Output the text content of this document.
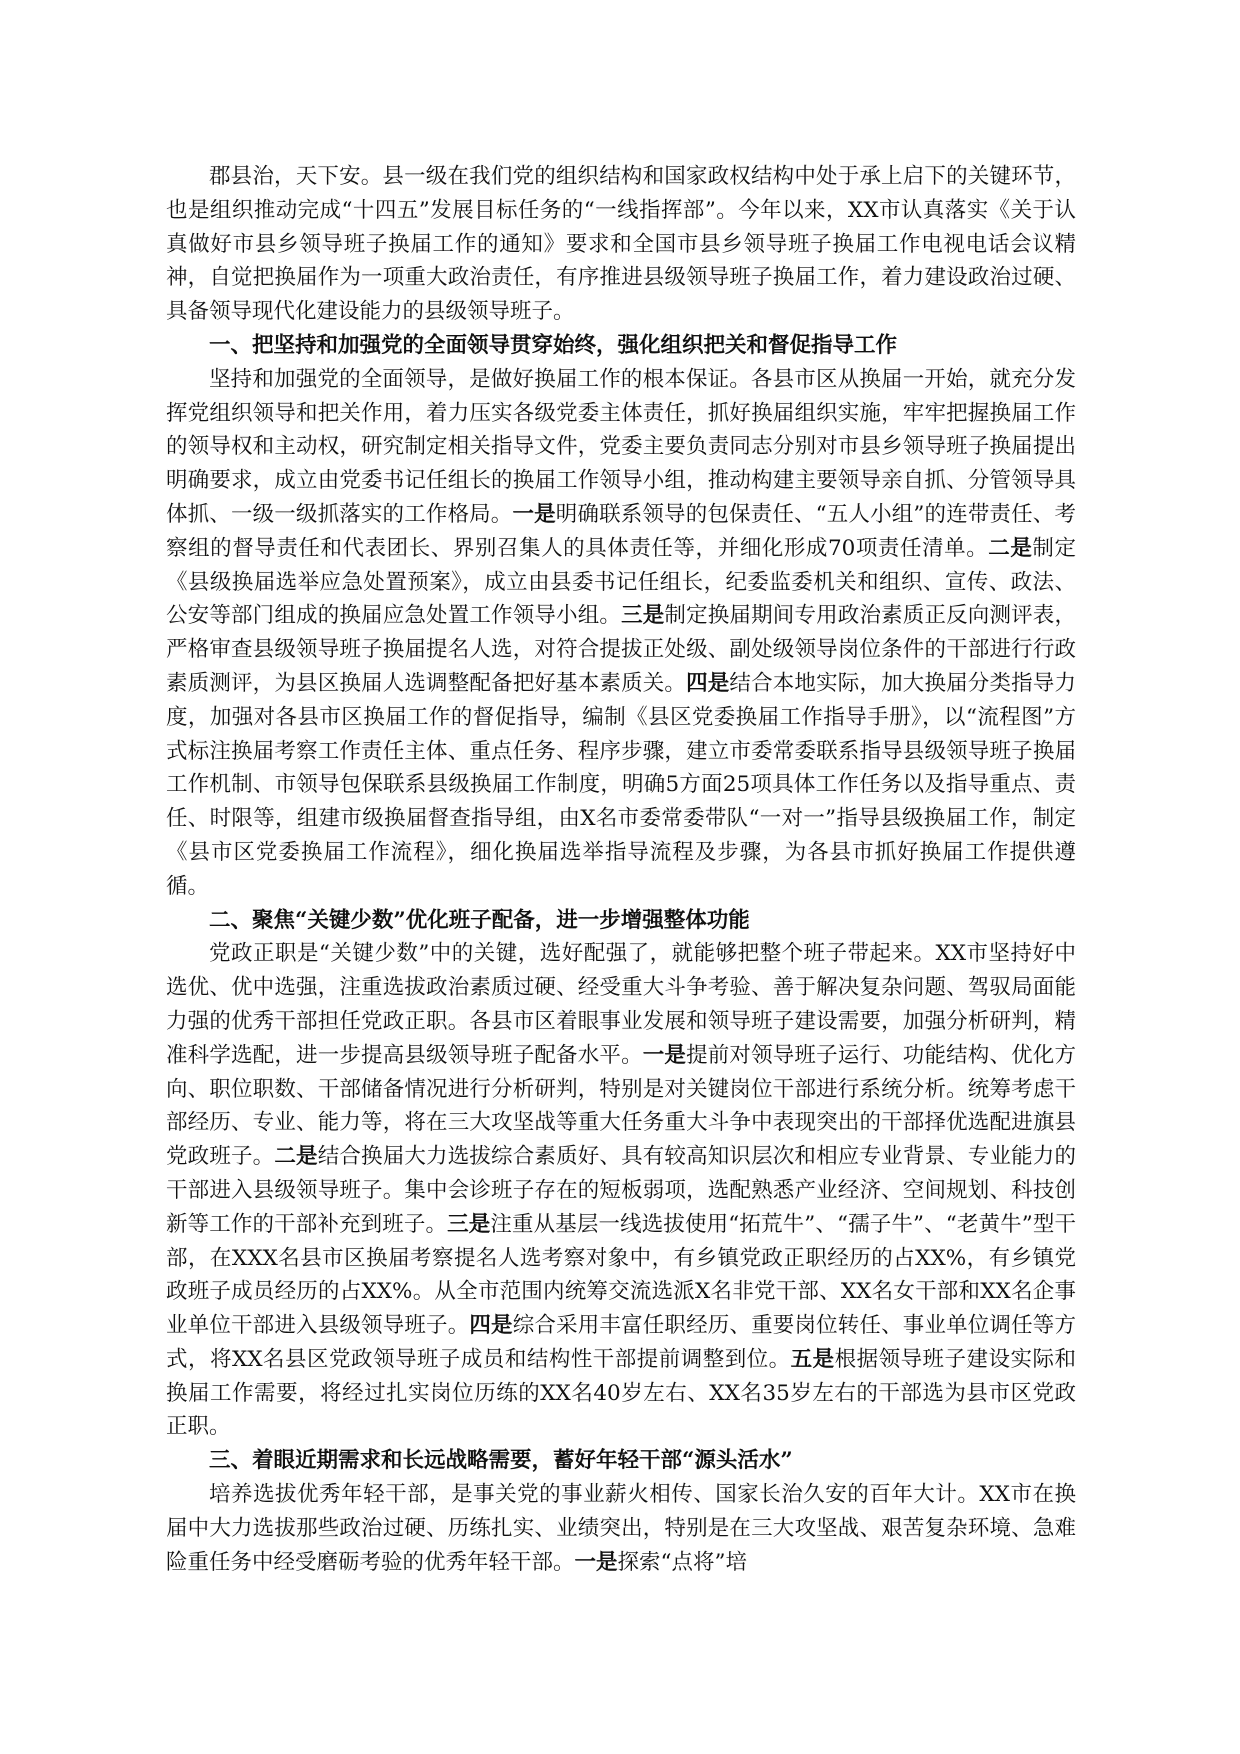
郡县治，天下安。县一级在我们党的组织结构和国家政权结构中处于承上启下的关键环节，也是组织推动完成“十四五”发展目标任务的“一线指挥部”。今年以来，XX市认真落实《关于认真做好市县乡领导班子换届工作的通知》要求和全国市县乡领导班子换届工作电视电话会议精神，自觉把换届作为一项重大政治责任，有序推进县级领导班子换届工作，着力建设政治过硬、具备领导现代化建设能力的县级领导班子。

一、把坚持和加强党的全面领导贯穿始终，强化组织把关和督促指导工作

坚持和加强党的全面领导，是做好换届工作的根本保证。各县市区从换届一开始，就充分发挥党组织领导和把关作用，着力压实各级党委主体责任，抓好换届组织实施，牢牢把握换届工作的领导权和主动权，研究制定相关指导文件，党委主要负责同志分别对市县乡领导班子换届提出明确要求，成立由党委书记任组长的换届工作领导小组，推动构建主要领导亲自抓、分管领导具体抓、一级一级抓落实的工作格局。一是明确联系领导的包保责任、“五人小组”的连带责任、考察组的督导责任和代表团长、界别召集人的具体责任等，并细化形成70项责任清单。二是制定《县级换届选举应急处置预案》，成立由县委书记任组长，纪委监委机关和组织、宣传、政法、公安等部门组成的换届应急处置工作领导小组。三是制定换届期间专用政治素质正反向测评表，严格审查县级领导班子换届提名人选，对符合提拔正处级、副处级领导岗位条件的干部进行行政素质测评，为县区换届人选调整配备把好基本素质关。四是结合本地实际，加大换届分类指导力度，加强对各县市区换届工作的督促指导，编制《县区党委换届工作指导手册》，以“流程图”方式标注换届考察工作责任主体、重点任务、程序步骤，建立市委常委联系指导县级领导班子换届工作机制、市领导包保联系县级换届工作制度，明确5方面25项具体工作任务以及指导重点、责任、时限等，组建市级换届督查指导组，由X名市委常委带队“一对一”指导县级换届工作，制定《县市区党委换届工作流程》，细化换届选举指导流程及步骤，为各县市抓好换届工作提供遵循。

二、聚焦“关键少数”优化班子配备，进一步增强整体功能

党政正职是“关键少数”中的关键，选好配强了，就能够把整个班子带起来。XX市坚持好中选优、优中选强，注重选拔政治素质过硬、经受重大斗争考验、善于解决复杂问题、驾驭局面能力强的优秀干部担任党政正职。各县市区着眼事业发展和领导班子建设需要，加强分析研判，精准科学选配，进一步提高县级领导班子配备水平。一是提前对领导班子运行、功能结构、优化方向、职位职数、干部储备情况进行分析研判，特别是对关键岗位干部进行系统分析。统筹考虑干部经历、专业、能力等，将在三大攻坚战等重大任务重大斗争中表现突出的干部择优选配进旗县党政班子。二是结合换届大力选拔综合素质好、具有较高知识层次和相应专业背景、专业能力的干部进入县级领导班子。集中会诊班子存在的短板弱项，选配熟悉产业经济、空间规划、科技创新等工作的干部补充到班子。三是注重从基层一线选拔使用“拓荒牛”、“孺子牛”、“老黄牛”型干部，在XXX名县市区换届考察提名人选考察对象中，有乡镇党政正职经历的占XX%，有乡镇党政班子成员经历的占XX%。从全市范围内统筹交流选派X名非党干部、XX名女干部和XX名企事业单位干部进入县级领导班子。四是综合采用丰富任职经历、重要岗位转任、事业单位调任等方式，将XX名县区党政领导班子成员和结构性干部提前调整到位。五是根据领导班子建设实际和换届工作需要，将经过扎实岗位历练的XX名40岁左右、XX名35岁左右的干部选为县市区党政正职。

三、着眼近期需求和长远战略需要，蓄好年轻干部“源头活水”

培养选拔优秀年轻干部，是事关党的事业薪火相传、国家长治久安的百年大计。XX市在换届中大力选拔那些政治过硬、历练扎实、业绩突出，特别是在三大攻坚战、艰苦复杂环境、急难险重任务中经受磨砺考验的优秀年轻干部。一是探索“点将”培
